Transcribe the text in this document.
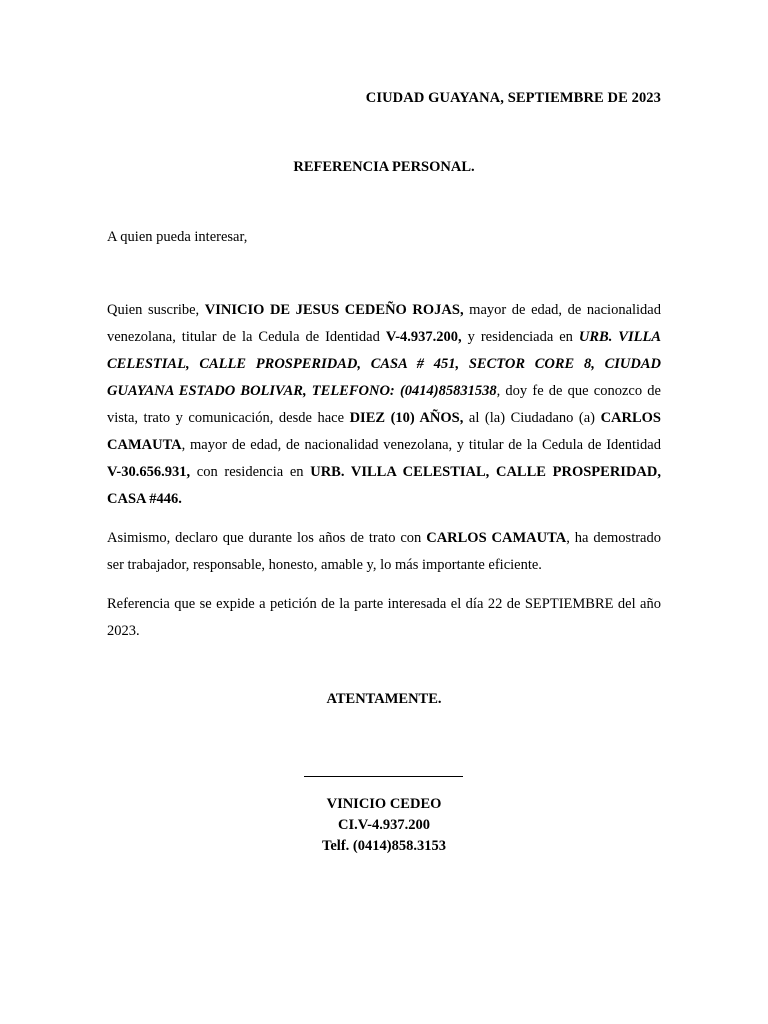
CIUDAD GUAYANA, SEPTIEMBRE DE 2023
REFERENCIA PERSONAL.
A quien pueda interesar,

Quien suscribe, VINICIO DE JESUS CEDEÑO ROJAS, mayor de edad, de nacionalidad venezolana, titular de la Cedula de Identidad V-4.937.200, y residenciada en URB. VILLA CELESTIAL, CALLE PROSPERIDAD, CASA # 451, SECTOR CORE 8, CIUDAD GUAYANA ESTADO BOLIVAR, TELEFONO: (0414)85831538, doy fe de que conozco de vista, trato y comunicación, desde hace DIEZ (10) AÑOS, al (la) Ciudadano (a) CARLOS CAMAUTA, mayor de edad, de nacionalidad venezolana, y titular de la Cedula de Identidad V-30.656.931, con residencia en URB. VILLA CELESTIAL, CALLE PROSPERIDAD, CASA #446.

Asimismo, declaro que durante los años de trato con CARLOS CAMAUTA, ha demostrado ser trabajador, responsable, honesto, amable y, lo más importante eficiente.

Referencia que se expide a petición de la parte interesada el día 22 de SEPTIEMBRE del año 2023.

ATENTAMENTE.
VINICIO CEDEO
CI.V-4.937.200
Telf. (0414)858.3153
